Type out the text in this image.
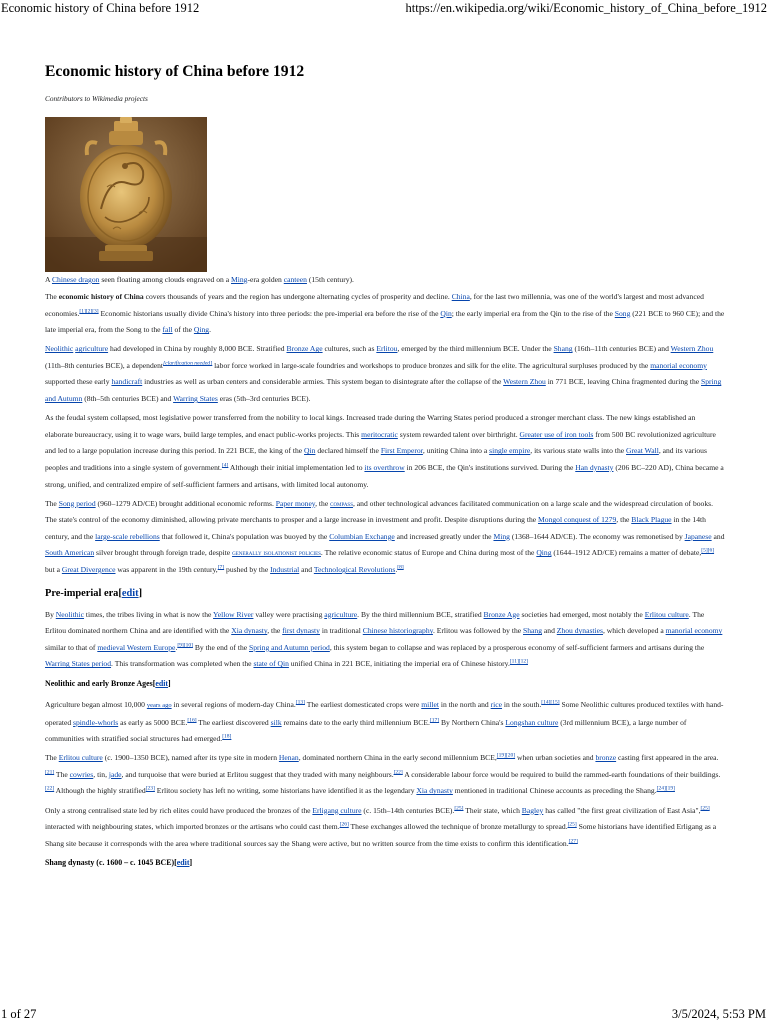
Economic history of China before 1912	https://en.wikipedia.org/wiki/Economic_history_of_China_before_1912
Economic history of China before 1912
Contributors to Wikimedia projects
A Chinese dragon seen floating among clouds engraved on a Ming-era golden canteen (15th century).

The economic history of China covers thousands of years and the region has undergone alternating cycles of prosperity and decline. China, for the last two millennia, was one of the world's largest and most advanced economies.[1][2][3] Economic historians usually divide China's history into three periods: the pre-imperial era before the rise of the Qin; the early imperial era from the Qin to the rise of the Song (221 BCE to 960 CE); and the late imperial era, from the Song to the fall of the Qing.

Neolithic agriculture had developed in China by roughly 8,000 BCE. Stratified Bronze Age cultures, such as Erlitou, emerged by the third millennium BCE. Under the Shang (16th–11th centuries BCE) and Western Zhou (11th–8th centuries BCE), a dependent[clarification needed] labor force worked in large-scale foundries and workshops to produce bronzes and silk for the elite. The agricultural surpluses produced by the manorial economy supported these early handicraft industries as well as urban centers and considerable armies. This system began to disintegrate after the collapse of the Western Zhou in 771 BCE, leaving China fragmented during the Spring and Autumn (8th–5th centuries BCE) and Warring States eras (5th–3rd centuries BCE).

As the feudal system collapsed, most legislative power transferred from the nobility to local kings. Increased trade during the Warring States period produced a stronger merchant class. The new kings established an elaborate bureaucracy, using it to wage wars, build large temples, and enact public-works projects. This meritocratic system rewarded talent over birthright. Greater use of iron tools from 500 BC revolutionized agriculture and led to a large population increase during this period. In 221 BCE, the king of the Qin declared himself the First Emperor, uniting China into a single empire, its various state walls into the Great Wall, and its various peoples and traditions into a single system of government.[4] Although their initial implementation led to its overthrow in 206 BCE, the Qin's institutions survived. During the Han dynasty (206 BC–220 AD), China became a strong, unified, and centralized empire of self-sufficient farmers and artisans, with limited local autonomy.

The Song period (960–1279 AD/CE) brought additional economic reforms. Paper money, the compass, and other technological advances facilitated communication on a large scale and the widespread circulation of books. The state's control of the economy diminished, allowing private merchants to prosper and a large increase in investment and profit. Despite disruptions during the Mongol conquest of 1279, the Black Plague in the 14th century, and the large-scale rebellions that followed it, China's population was buoyed by the Columbian Exchange and increased greatly under the Ming (1368–1644 AD/CE). The economy was remonetised by Japanese and South American silver brought through foreign trade, despite generally isolationist policies. The relative economic status of Europe and China during most of the Qing (1644–1912 AD/CE) remains a matter of debate,[5][6] but a Great Divergence was apparent in the 19th century,[7] pushed by the Industrial and Technological Revolutions.[8]

Pre-imperial era[edit]

By Neolithic times, the tribes living in what is now the Yellow River valley were practising agriculture. By the third millennium BCE, stratified Bronze Age societies had emerged, most notably the Erlitou culture. The Erlitou dominated northern China and are identified with the Xia dynasty, the first dynasty in traditional Chinese historiography. Erlitou was followed by the Shang and Zhou dynasties, which developed a manorial economy similar to that of medieval Western Europe.[9][10] By the end of the Spring and Autumn period, this system began to collapse and was replaced by a prosperous economy of self-sufficient farmers and artisans during the Warring States period. This transformation was completed when the state of Qin unified China in 221 BCE, initiating the imperial era of Chinese history.[11][12]

Neolithic and early Bronze Ages[edit]

Agriculture began almost 10,000 years ago in several regions of modern-day China.[13] The earliest domesticated crops were millet in the north and rice in the south.[14][15] Some Neolithic cultures produced textiles with hand-operated spindle-whorls as early as 5000 BCE.[16] The earliest discovered silk remains date to the early third millennium BCE.[17] By Northern China's Longshan culture (3rd millennium BCE), a large number of communities with stratified social structures had emerged.[18]

The Erlitou culture (c. 1900–1350 BCE), named after its type site in modern Henan, dominated northern China in the early second millennium BCE,[19][20] when urban societies and bronze casting first appeared in the area.[21] The cowries, tin, jade, and turquoise that were buried at Erlitou suggest that they traded with many neighbours.[22] A considerable labour force would be required to build the rammed-earth foundations of their buildings.[22] Although the highly stratified[23] Erlitou society has left no writing, some historians have identified it as the legendary Xia dynasty mentioned in traditional Chinese accounts as preceding the Shang.[24][19]

Only a strong centralised state led by rich elites could have produced the bronzes of the Erligang culture (c. 15th–14th centuries BCE).[25] Their state, which Bagley has called "the first great civilization of East Asia",[25] interacted with neighbouring states, which imported bronzes or the artisans who could cast them.[26] These exchanges allowed the technique of bronze metallurgy to spread.[25] Some historians have identified Erligang as a Shang site because it corresponds with the area where traditional sources say the Shang were active, but no written source from the time exists to confirm this identification.[27]

Shang dynasty (c. 1600 – c. 1045 BCE)[edit]
1 of 27	3/5/2024, 5:53 PM
